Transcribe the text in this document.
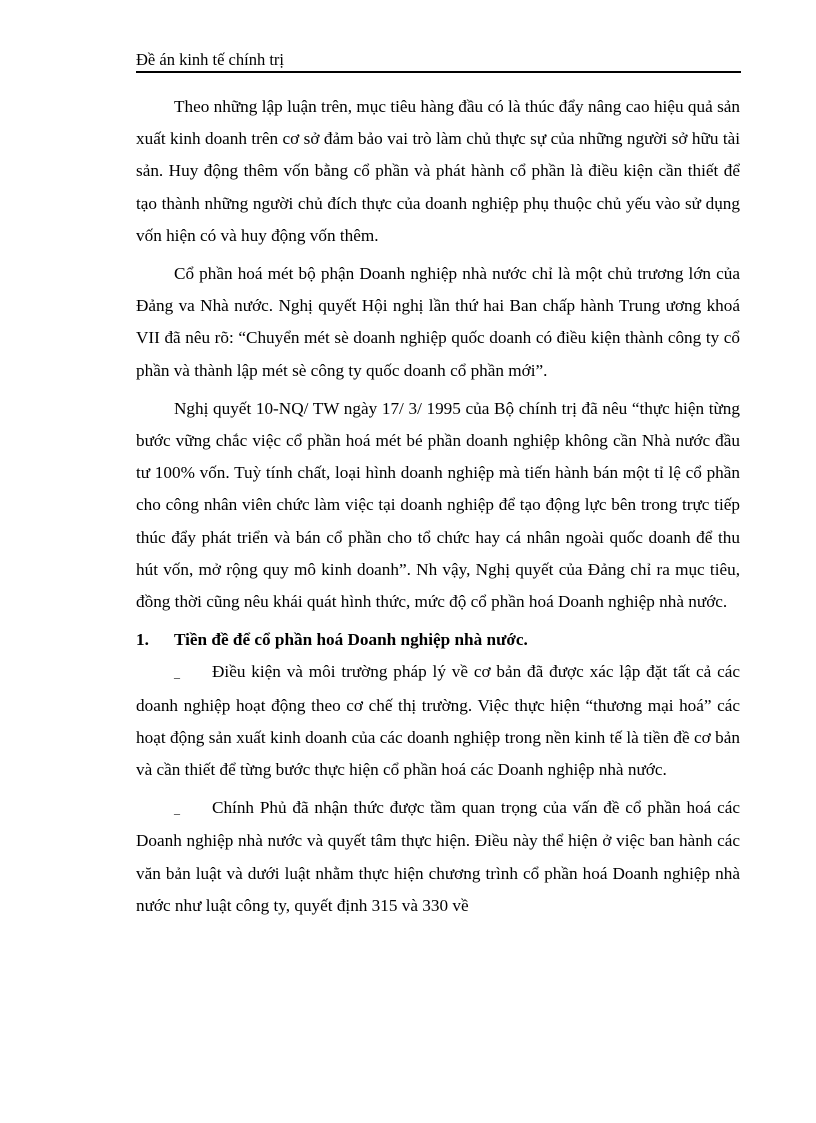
Đề án kinh tế chính trị

Theo những lập luận trên, mục tiêu hàng đầu có là thúc đẩy nâng cao hiệu quả sản xuất kinh doanh trên cơ sở đảm bảo vai trò làm chủ thực sự của những người sở hữu tài sản. Huy động thêm vốn bằng cổ phần và phát hành cổ phần là điều kiện cần thiết để tạo thành những người chủ đích thực của doanh nghiệp phụ thuộc chủ yếu vào sử dụng vốn hiện có và huy động vốn thêm.

Cổ phần hoá mét bộ phận Doanh nghiệp nhà nước chỉ là một chủ trương lớn của Đảng va Nhà nước. Nghị quyết Hội nghị lần thứ hai Ban chấp hành Trung ương khoá VII đã nêu rõ: “Chuyển mét sè doanh nghiệp quốc doanh có điều kiện thành công ty cổ phần và thành lập mét sè công ty quốc doanh cổ phần mới”.

Nghị quyết 10-NQ/ TW ngày 17/ 3/ 1995 của Bộ chính trị đã nêu “thực hiện từng bước vững chắc việc cổ phần hoá mét bé phần doanh nghiệp không cần Nhà nước đầu tư 100% vốn. Tuỳ tính chất, loại hình doanh nghiệp mà tiến hành bán một tỉ lệ cổ phần cho công nhân viên chức làm việc tại doanh nghiệp để tạo động lực bên trong trực tiếp thúc đẩy phát triển và bán cổ phần cho tổ chức hay cá nhân ngoài quốc doanh để thu hút vốn, mở rộng quy mô kinh doanh”. Nh vậy, Nghị quyết của Đảng chỉ ra mục tiêu, đồng thời cũng nêu khái quát hình thức, mức độ cổ phần hoá Doanh nghiệp nhà nước.

1.	Tiền đề để cổ phần hoá Doanh nghiệp nhà nước.

_ Điều kiện và môi trường pháp lý về cơ bản đã được xác lập đặt tất cả các doanh nghiệp hoạt động theo cơ chế thị trường. Việc thực hiện “thương mại hoá” các hoạt động sản xuất kinh doanh của các doanh nghiệp trong nền kinh tế là tiền đề cơ bản và cần thiết để từng bước thực hiện cổ phần hoá các Doanh nghiệp nhà nước.

_ Chính Phủ đã nhận thức được tầm quan trọng của vấn đề cổ phần hoá các Doanh nghiệp nhà nước và quyết tâm thực hiện. Điều này thể hiện ở việc ban hành các văn bản luật và dưới luật nhằm thực hiện chương trình cổ phần hoá Doanh nghiệp nhà nước như luật công ty, quyết định 315 và 330 về
